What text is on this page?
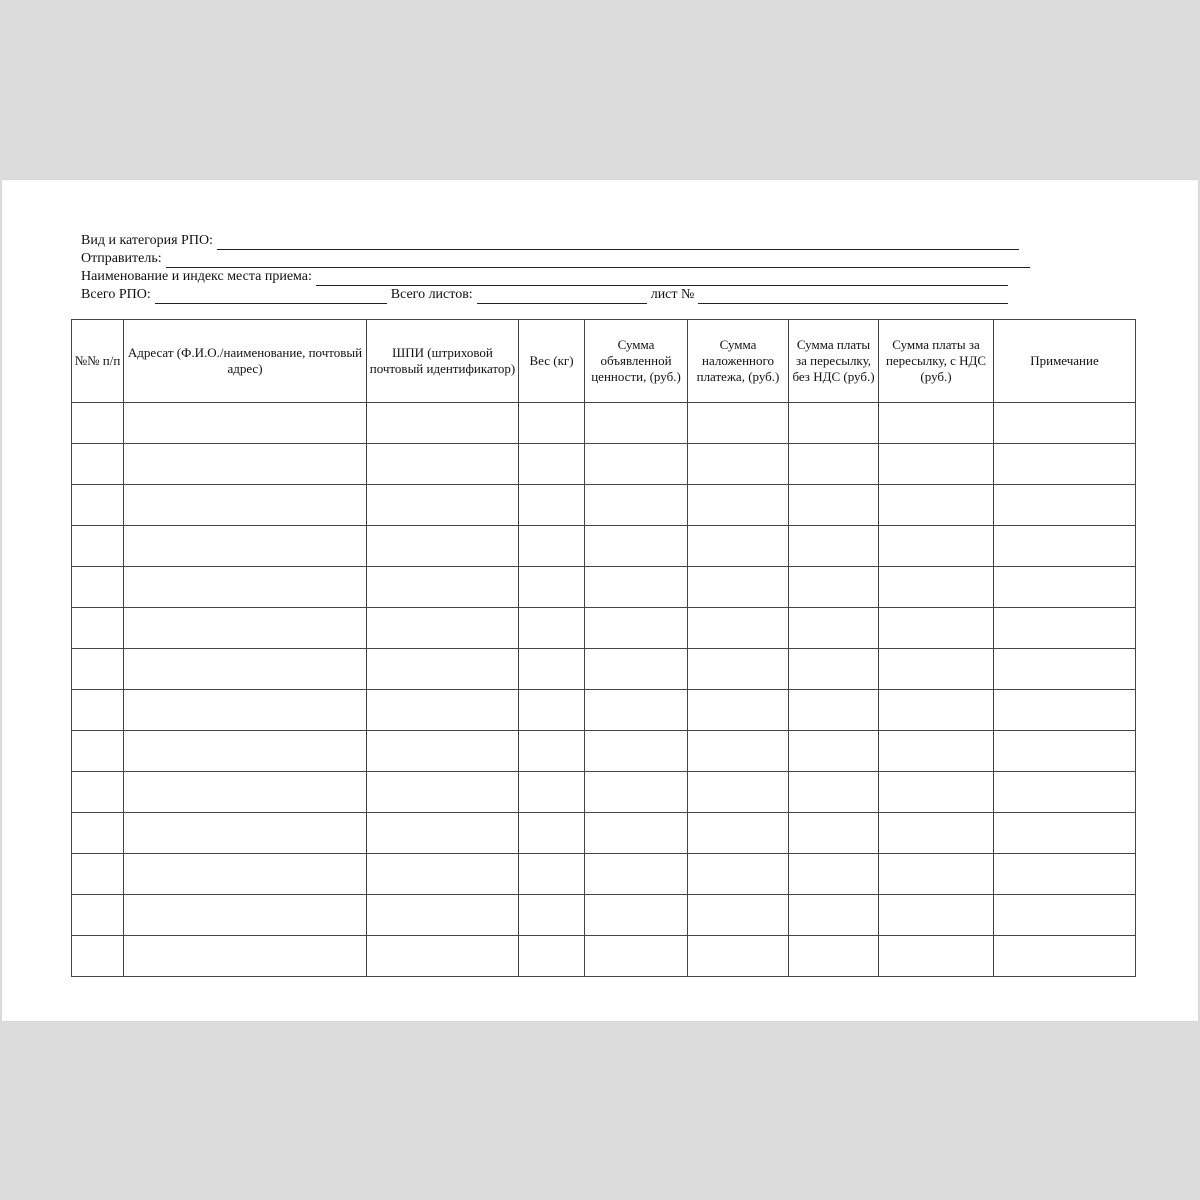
Вид и категория РПО:
Отправитель:
Наименование и индекс места приема:
Всего РПО:	Всего листов:	лист №
№№ п/п	Адресат (Ф.И.О./наименование, почтовый адрес)	ШПИ (штриховой почтовый идентификатор)	Вес (кг)	Сумма объявленной ценности, (руб.)	Сумма наложенного платежа, (руб.)	Сумма платы за пересылку, без НДС (руб.)	Сумма платы за пересылку, с НДС (руб.)	Примечание
